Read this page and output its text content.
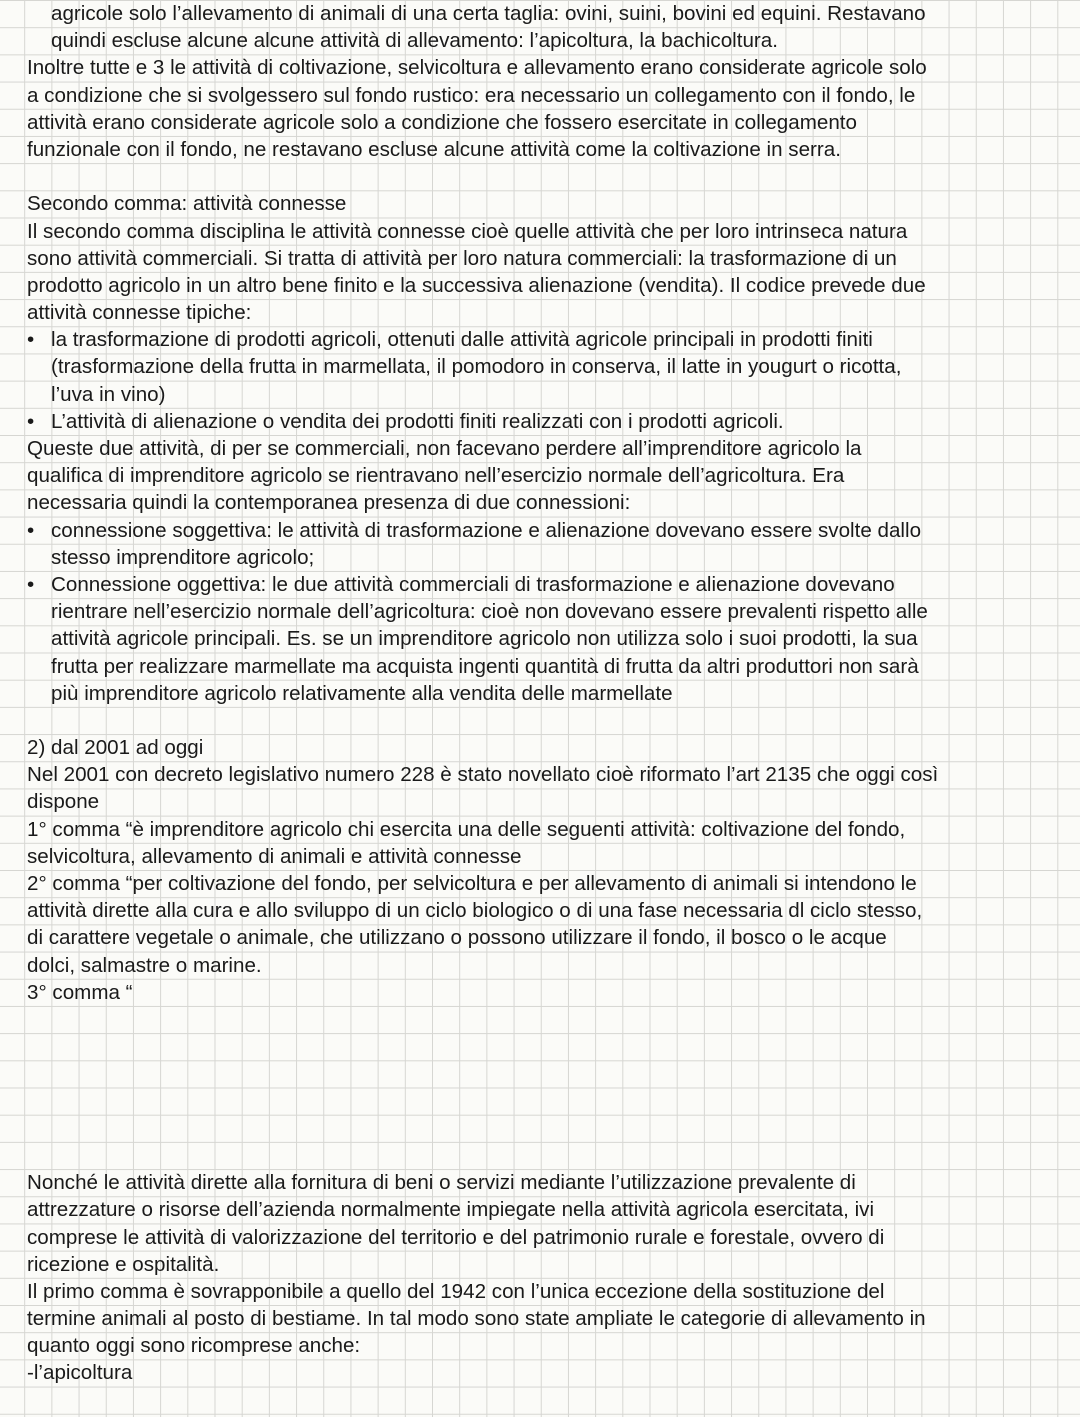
agricole solo l’allevamento di animali di una certa taglia: ovini, suini, bovini ed equini. Restavano
quindi escluse alcune alcune attività di allevamento: l’apicoltura, la bachicoltura.
Inoltre tutte e 3 le attività di coltivazione, selvicoltura e allevamento erano considerate agricole solo
a condizione che si svolgessero sul fondo rustico: era necessario un collegamento con il fondo, le
attività erano considerate agricole solo a condizione che fossero esercitate in collegamento
funzionale con il fondo, ne restavano escluse alcune attività come la coltivazione in serra.
Secondo comma: attività connesse
Il secondo comma disciplina le attività connesse cioè quelle attività che per loro intrinseca natura
sono attività commerciali. Si tratta di attività per loro natura commerciali: la trasformazione di un
prodotto agricolo in un altro bene finito e la successiva alienazione (vendita). Il codice prevede due
attività connesse tipiche:
• la trasformazione di prodotti agricoli, ottenuti dalle attività agricole principali in prodotti finiti
(trasformazione della frutta in marmellata, il pomodoro in conserva, il latte in yougurt o ricotta,
l’uva in vino)
• L’attività di alienazione o vendita dei prodotti finiti realizzati con i prodotti agricoli.
Queste due attività, di per se commerciali, non facevano perdere all’imprenditore agricolo la
qualifica di imprenditore agricolo se rientravano nell’esercizio normale dell’agricoltura. Era
necessaria quindi la contemporanea presenza di due connessioni:
• connessione soggettiva: le attività di trasformazione e alienazione dovevano essere svolte dallo
stesso imprenditore agricolo;
• Connessione oggettiva: le due attività commerciali di trasformazione e alienazione dovevano
rientrare nell’esercizio normale dell’agricoltura: cioè non dovevano essere prevalenti rispetto alle
attività agricole principali. Es. se un imprenditore agricolo non utilizza solo i suoi prodotti, la sua
frutta per realizzare marmellate ma acquista ingenti quantità di frutta da altri produttori non sarà
più imprenditore agricolo relativamente alla vendita delle marmellate
2) dal 2001 ad oggi
Nel 2001 con decreto legislativo numero 228 è stato novellato cioè riformato l’art 2135 che oggi così
dispone
1° comma “è imprenditore agricolo chi esercita una delle seguenti attività: coltivazione del fondo,
selvicoltura, allevamento di animali e attività connesse
2° comma “per coltivazione del fondo, per selvicoltura e per allevamento di animali si intendono le
attività dirette alla cura e allo sviluppo di un ciclo biologico o di una fase necessaria dl ciclo stesso,
di carattere vegetale o animale, che utilizzano o possono utilizzare il fondo, il bosco o le acque
dolci, salmastre o marine.
3° comma “
Nonché le attività dirette alla fornitura di beni o servizi mediante l’utilizzazione prevalente di
attrezzature o risorse dell’azienda normalmente impiegate nella attività agricola esercitata, ivi
comprese le attività di valorizzazione del territorio e del patrimonio rurale e forestale, ovvero di
ricezione e ospitalità.
Il primo comma è sovrapponibile a quello del 1942 con l’unica eccezione della sostituzione del
termine animali al posto di bestiame. In tal modo sono state ampliate le categorie di allevamento in
quanto oggi sono ricomprese anche:
-l’apicoltura
